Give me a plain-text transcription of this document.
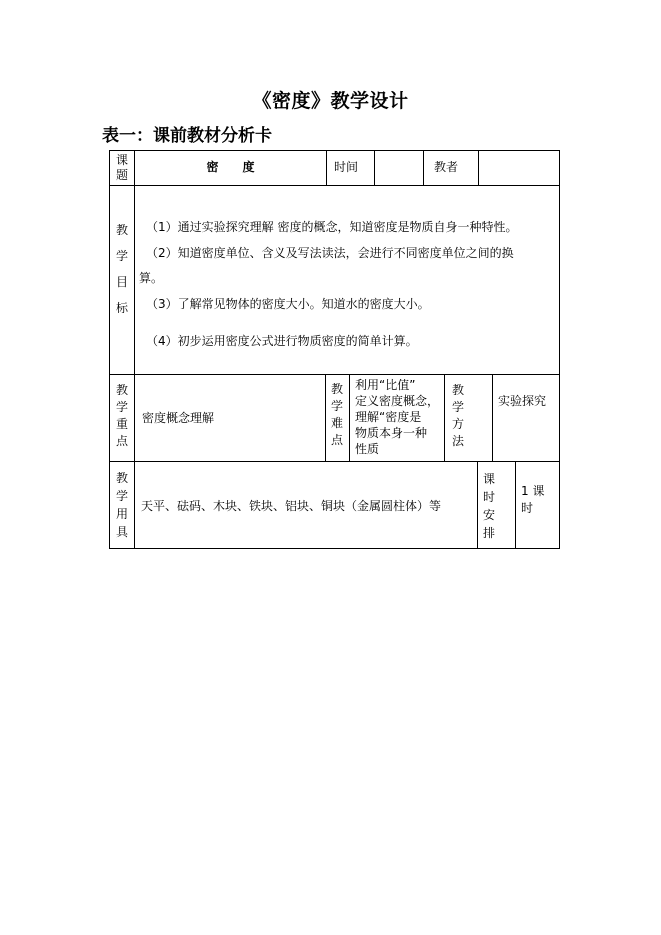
《密度》教学设计
表一：课前教材分析卡
课题
密　　度	时间	教者
教学目标
（1）通过实验探究理解 密度的概念，知道密度是物质自身一种特性。
（2）知道密度单位、含义及写法读法，会进行不同密度单位之间的换
算。
（3）了解常见物体的密度大小。知道水的密度大小。
（4）初步运用密度公式进行物质密度的简单计算。
教学重点
密度概念理解
教学难点
利用“比值”
定义密度概念，
理解“密度是
物质本身一种
性质
教学方法
实验探究
教学用具
天平、砝码、木块、铁块、铝块、铜块（金属圆柱体）等
课时安排
1 课
时
